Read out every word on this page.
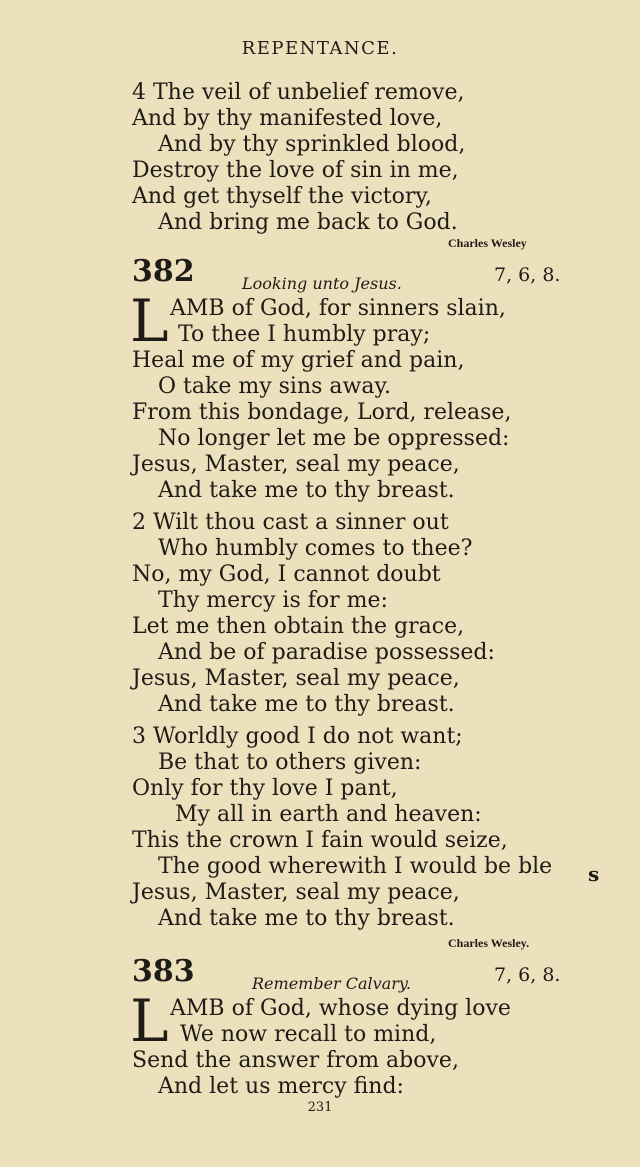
REPENTANCE.
4 The veil of unbelief remove,
And by thy manifested love,
And by thy sprinkled blood,
Destroy the love of sin in me,
And get thyself the victory,
And bring me back to God.
Charles Wesley
382	Looking unto Jesus.	7, 6, 8.
L AMB of God, for sinners slain,
To thee I humbly pray;
Heal me of my grief and pain,
O take my sins away.
From this bondage, Lord, release,
No longer let me be oppressed:
Jesus, Master, seal my peace,
And take me to thy breast.
2 Wilt thou cast a sinner out
Who humbly comes to thee?
No, my God, I cannot doubt
Thy mercy is for me:
Let me then obtain the grace,
And be of paradise possessed:
Jesus, Master, seal my peace,
And take me to thy breast.
3 Worldly good I do not want;
Be that to others given:
Only for thy love I pant,
My all in earth and heaven:
This the crown I fain would seize,
The good wherewith I would be ble
Jesus, Master, seal my peace,
And take me to thy breast.
s
Charles Wesley.
383	Remember Calvary.	7, 6, 8.
L AMB of God, whose dying love
We now recall to mind,
Send the answer from above,
And let us mercy find:
231
